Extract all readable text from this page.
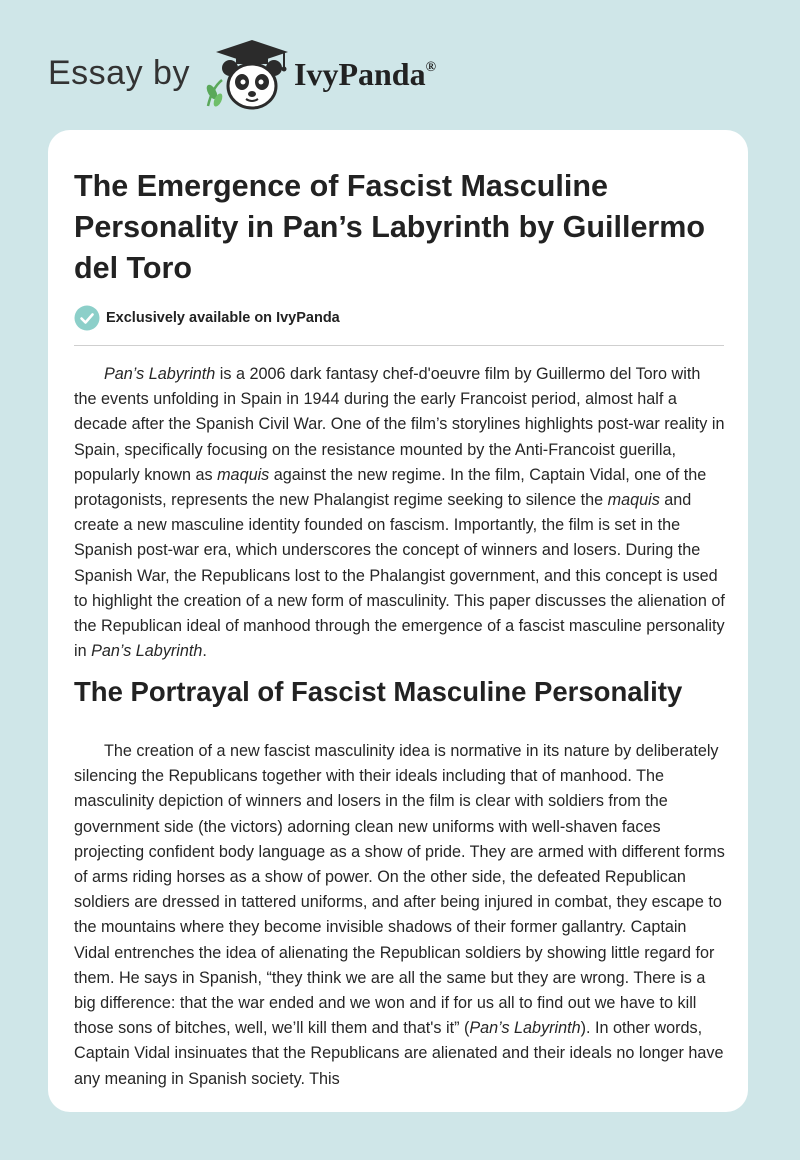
Essay by	IvyPanda®
The Emergence of Fascist Masculine Personality in Pan’s Labyrinth by Guillermo del Toro
Exclusively available on IvyPanda

Pan’s Labyrinth is a 2006 dark fantasy chef-d'oeuvre film by Guillermo del Toro with the events unfolding in Spain in 1944 during the early Francoist period, almost half a decade after the Spanish Civil War. One of the film’s storylines highlights post-war reality in Spain, specifically focusing on the resistance mounted by the Anti-Francoist guerilla, popularly known as maquis against the new regime. In the film, Captain Vidal, one of the protagonists, represents the new Phalangist regime seeking to silence the maquis and create a new masculine identity founded on fascism. Importantly, the film is set in the Spanish post-war era, which underscores the concept of winners and losers. During the Spanish War, the Republicans lost to the Phalangist government, and this concept is used to highlight the creation of a new form of masculinity. This paper discusses the alienation of the Republican ideal of manhood through the emergence of a fascist masculine personality in Pan’s Labyrinth.

The Portrayal of Fascist Masculine Personality

The creation of a new fascist masculinity idea is normative in its nature by deliberately silencing the Republicans together with their ideals including that of manhood. The masculinity depiction of winners and losers in the film is clear with soldiers from the government side (the victors) adorning clean new uniforms with well-shaven faces projecting confident body language as a show of pride. They are armed with different forms of arms riding horses as a show of power. On the other side, the defeated Republican soldiers are dressed in tattered uniforms, and after being injured in combat, they escape to the mountains where they become invisible shadows of their former gallantry. Captain Vidal entrenches the idea of alienating the Republican soldiers by showing little regard for them. He says in Spanish, “they think we are all the same but they are wrong. There is a big difference: that the war ended and we won and if for us all to find out we have to kill those sons of bitches, well, we’ll kill them and that's it” (Pan’s Labyrinth). In other words, Captain Vidal insinuates that the Republicans are alienated and their ideals no longer have any meaning in Spanish society. This
